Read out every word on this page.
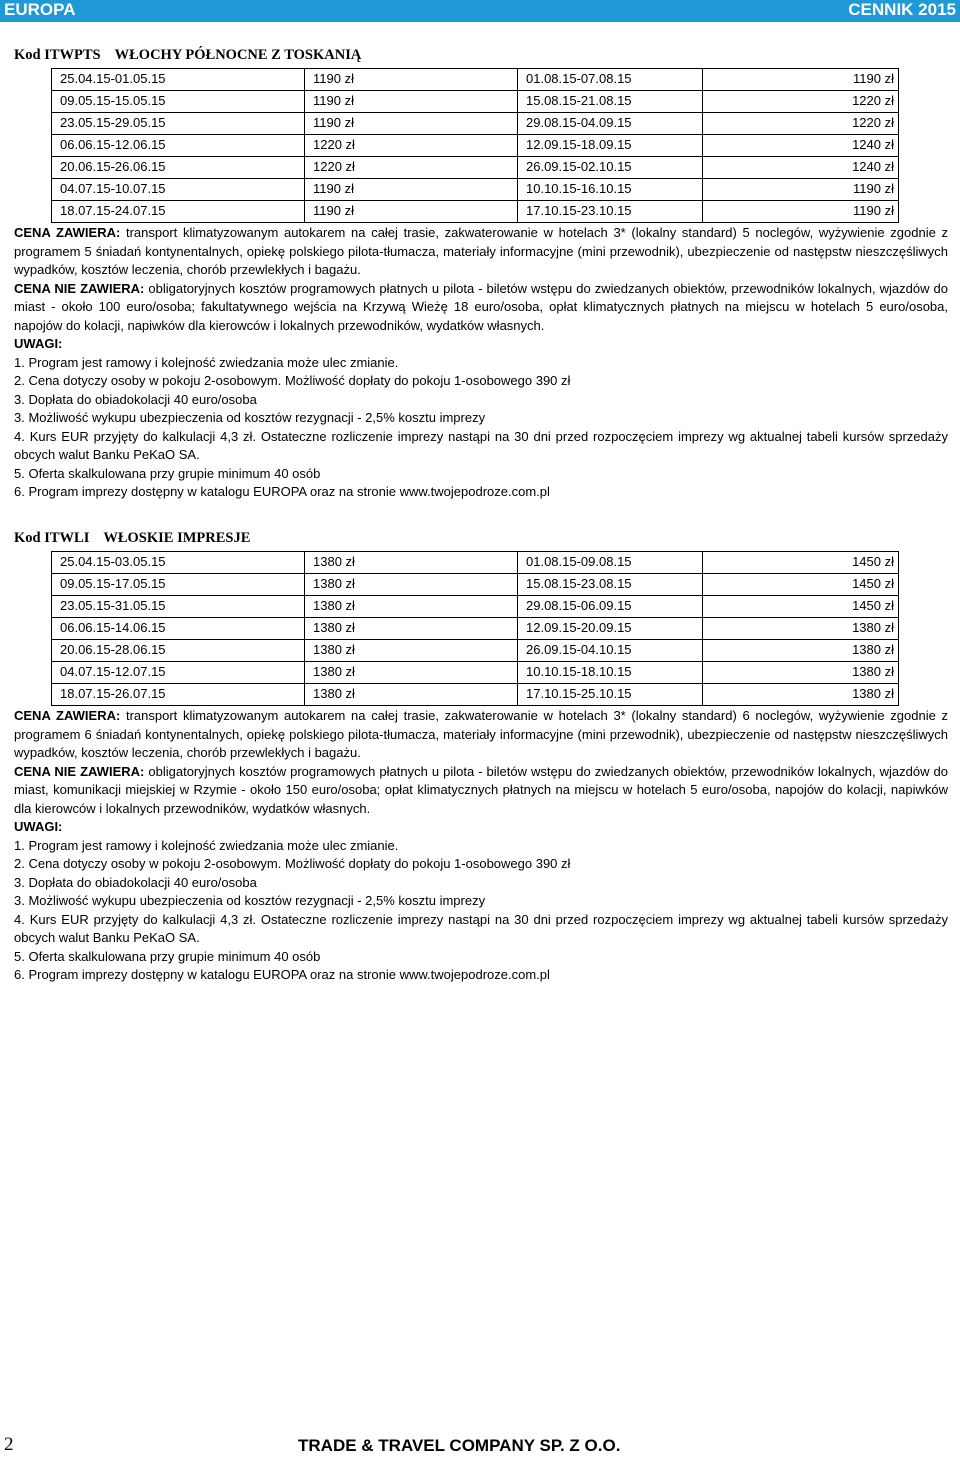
EUROPA	CENNIK 2015
Kod ITWPTS WŁOCHY PÓŁNOCNE Z TOSKANIĄ
25.04.15-01.05.15	1190 zł	01.08.15-07.08.15	1190 zł
09.05.15-15.05.15	1190 zł	15.08.15-21.08.15	1220 zł
23.05.15-29.05.15	1190 zł	29.08.15-04.09.15	1220 zł
06.06.15-12.06.15	1220 zł	12.09.15-18.09.15	1240 zł
20.06.15-26.06.15	1220 zł	26.09.15-02.10.15	1240 zł
04.07.15-10.07.15	1190 zł	10.10.15-16.10.15	1190 zł
18.07.15-24.07.15	1190 zł	17.10.15-23.10.15	1190 zł
CENA ZAWIERA: transport klimatyzowanym autokarem na całej trasie, zakwaterowanie w hotelach 3* (lokalny standard) 5 noclegów, wyżywienie zgodnie z programem 5 śniadań kontynentalnych, opiekę polskiego pilota-tłumacza, materiały informacyjne (mini przewodnik), ubezpieczenie od następstw nieszczęśliwych wypadków, kosztów leczenia, chorób przewlekłych i bagażu.
CENA NIE ZAWIERA: obligatoryjnych kosztów programowych płatnych u pilota - biletów wstępu do zwiedzanych obiektów, przewodników lokalnych, wjazdów do miast - około 100 euro/osoba; fakultatywnego wejścia na Krzywą Wieżę 18 euro/osoba, opłat klimatycznych płatnych na miejscu w hotelach 5 euro/osoba, napojów do kolacji, napiwków dla kierowców i lokalnych przewodników, wydatków własnych.
UWAGI:
1. Program jest ramowy i kolejność zwiedzania może ulec zmianie.
2. Cena dotyczy osoby w pokoju 2-osobowym. Możliwość dopłaty do pokoju 1-osobowego 390 zł
3. Dopłata do obiadokolacji 40 euro/osoba
3. Możliwość wykupu ubezpieczenia od kosztów rezygnacji - 2,5% kosztu imprezy
4. Kurs EUR przyjęty do kalkulacji 4,3 zł. Ostateczne rozliczenie imprezy nastąpi na 30 dni przed rozpoczęciem imprezy wg aktualnej tabeli kursów sprzedaży obcych walut Banku PeKaO SA.
5. Oferta skalkulowana przy grupie minimum 40 osób
6. Program imprezy dostępny w katalogu EUROPA oraz na stronie www.twojepodroze.com.pl
Kod ITWLI WŁOSKIE IMPRESJE
25.04.15-03.05.15	1380 zł	01.08.15-09.08.15	1450 zł
09.05.15-17.05.15	1380 zł	15.08.15-23.08.15	1450 zł
23.05.15-31.05.15	1380 zł	29.08.15-06.09.15	1450 zł
06.06.15-14.06.15	1380 zł	12.09.15-20.09.15	1380 zł
20.06.15-28.06.15	1380 zł	26.09.15-04.10.15	1380 zł
04.07.15-12.07.15	1380 zł	10.10.15-18.10.15	1380 zł
18.07.15-26.07.15	1380 zł	17.10.15-25.10.15	1380 zł
CENA ZAWIERA: transport klimatyzowanym autokarem na całej trasie, zakwaterowanie w hotelach 3* (lokalny standard) 6 noclegów, wyżywienie zgodnie z programem 6 śniadań kontynentalnych, opiekę polskiego pilota-tłumacza, materiały informacyjne (mini przewodnik), ubezpieczenie od następstw nieszczęśliwych wypadków, kosztów leczenia, chorób przewlekłych i bagażu.
CENA NIE ZAWIERA: obligatoryjnych kosztów programowych płatnych u pilota - biletów wstępu do zwiedzanych obiektów, przewodników lokalnych, wjazdów do miast, komunikacji miejskiej w Rzymie - około 150 euro/osoba; opłat klimatycznych płatnych na miejscu w hotelach 5 euro/osoba, napojów do kolacji, napiwków dla kierowców i lokalnych przewodników, wydatków własnych.
UWAGI:
1. Program jest ramowy i kolejność zwiedzania może ulec zmianie.
2. Cena dotyczy osoby w pokoju 2-osobowym. Możliwość dopłaty do pokoju 1-osobowego 390 zł
3. Dopłata do obiadokolacji 40 euro/osoba
3. Możliwość wykupu ubezpieczenia od kosztów rezygnacji - 2,5% kosztu imprezy
4. Kurs EUR przyjęty do kalkulacji 4,3 zł. Ostateczne rozliczenie imprezy nastąpi na 30 dni przed rozpoczęciem imprezy wg aktualnej tabeli kursów sprzedaży obcych walut Banku PeKaO SA.
5. Oferta skalkulowana przy grupie minimum 40 osób
6. Program imprezy dostępny w katalogu EUROPA oraz na stronie www.twojepodroze.com.pl
2	TRADE & TRAVEL COMPANY SP. Z O.O.
